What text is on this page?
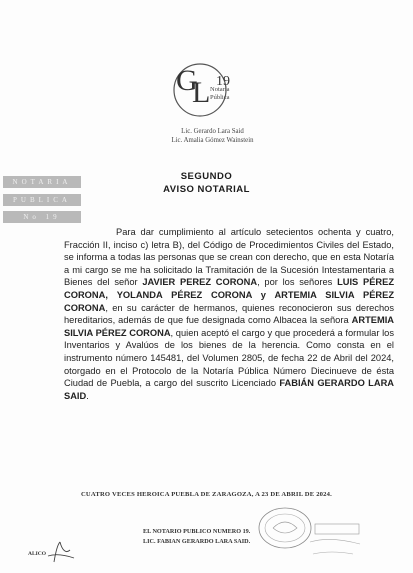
G
L 19
Notaría
Pública
Lic. Gerardo Lara Said
Lic. Amalia Gómez Wainstein
NOTARIA
PUBLICA
No 19
SEGUNDO
AVISO NOTARIAL
Para dar cumplimiento al artículo setecientos ochenta y cuatro, Fracción II, inciso c) letra B), del Código de Procedimientos Civiles del Estado, se informa a todas las personas que se crean con derecho, que en esta Notaría a mi cargo se me ha solicitado la Tramitación de la Sucesión Intestamentaria a Bienes del señor JAVIER PEREZ CORONA, por los señores LUIS PÉREZ CORONA, YOLANDA PÉREZ CORONA y ARTEMIA SILVIA PÉREZ CORONA, en su carácter de hermanos, quienes reconocieron sus derechos hereditarios, además de que fue designada como Albacea la señora ARTEMIA SILVIA PÉREZ CORONA, quien aceptó el cargo y que procederá a formular los Inventarios y Avalúos de los bienes de la herencia. Como consta en el instrumento número 145481, del Volumen 2805, de fecha 22 de Abril del 2024, otorgado en el Protocolo de la Notaría Pública Número Diecinueve de ésta Ciudad de Puebla, a cargo del suscrito Licenciado FABIÁN GERARDO LARA SAID.
CUATRO VECES HEROICA PUEBLA DE ZARAGOZA, A 23 DE ABRIL DE 2024.
EL NOTARIO PUBLICO NUMERO 19.
LIC. FABIAN GERARDO LARA SAID.
ALICO
